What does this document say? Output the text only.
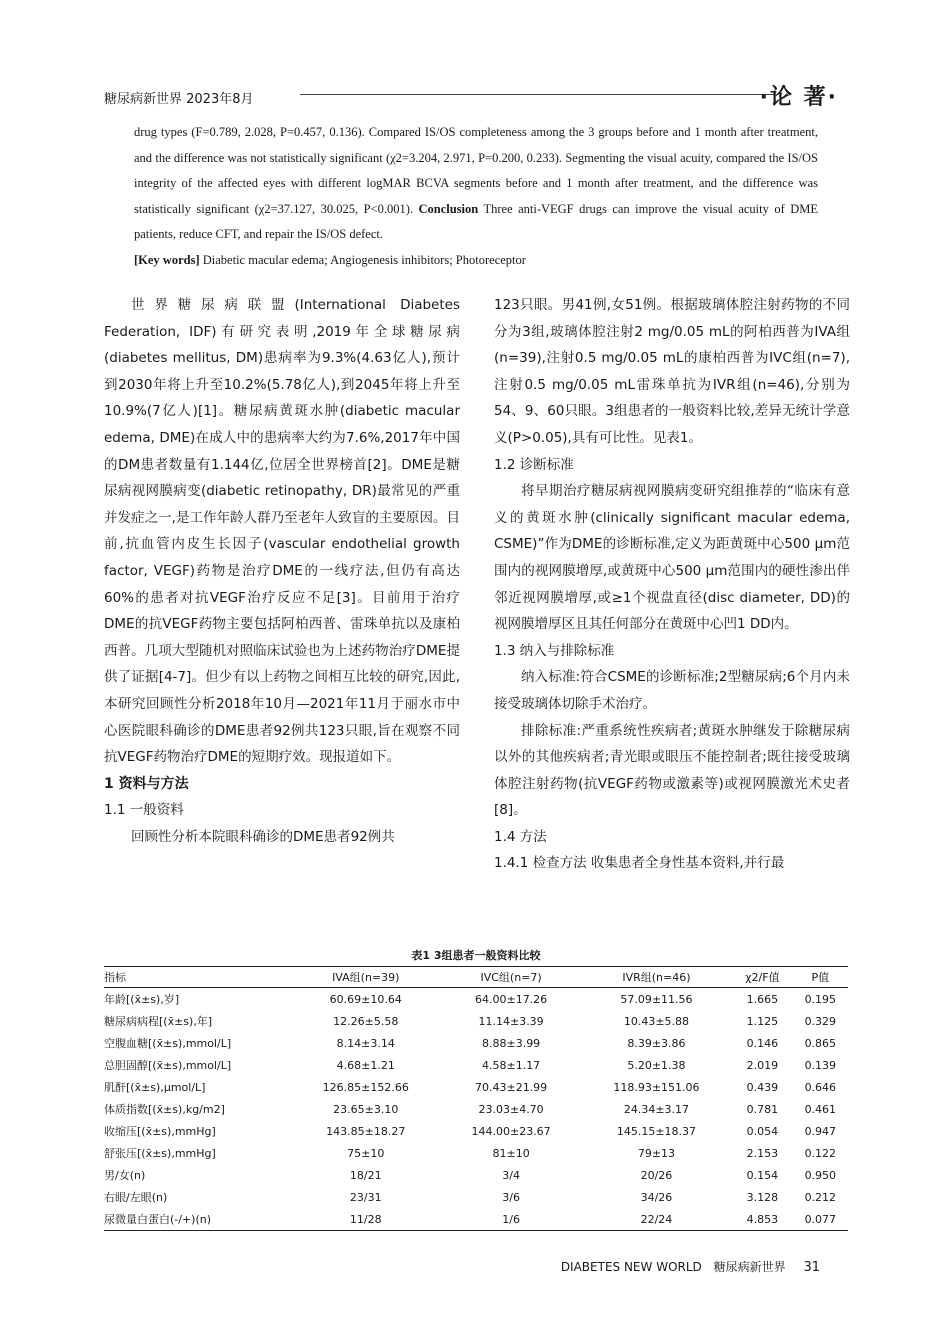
糖尿病新世界 2023年8月	·论 著·

drug types (F=0.789, 2.028, P=0.457, 0.136). Compared IS/OS completeness among the 3 groups before and 1 month after treatment, and the difference was not statistically significant (χ2=3.204, 2.971, P=0.200, 0.233). Segmenting the visual acuity, compared the IS/OS integrity of the affected eyes with different logMAR BCVA segments before and 1 month after treatment, and the difference was statistically significant (χ2=37.127, 30.025, P<0.001). Conclusion Three anti-VEGF drugs can improve the visual acuity of DME patients, reduce CFT, and repair the IS/OS defect.

[Key words] Diabetic macular edema; Angiogenesis inhibitors; Photoreceptor

世界糖尿病联盟(International Diabetes Federation, IDF)有研究表明,2019年全球糖尿病(diabetes mellitus, DM)患病率为9.3%(4.63亿人),预计到2030年将上升至10.2%(5.78亿人),到2045年将上升至10.9%(7亿人)[1]。糖尿病黄斑水肿(diabetic macular edema, DME)在成人中的患病率大约为7.6%,2017年中国的DM患者数量有1.144亿,位居全世界榜首[2]。DME是糖尿病视网膜病变(diabetic retinopathy, DR)最常见的严重并发症之一,是工作年龄人群乃至老年人致盲的主要原因。目前,抗血管内皮生长因子(vascular endothelial growth factor, VEGF)药物是治疗DME的一线疗法,但仍有高达60%的患者对抗VEGF治疗反应不足[3]。目前用于治疗DME的抗VEGF药物主要包括阿柏西普、雷珠单抗以及康柏西普。几项大型随机对照临床试验也为上述药物治疗DME提供了证据[4-7]。但少有以上药物之间相互比较的研究,因此,本研究回顾性分析2018年10月—2021年11月于丽水市中心医院眼科确诊的DME患者92例共123只眼,旨在观察不同抗VEGF药物治疗DME的短期疗效。现报道如下。

1 资料与方法
1.1 一般资料

回顾性分析本院眼科确诊的DME患者92例共

123只眼。男41例,女51例。根据玻璃体腔注射药物的不同分为3组,玻璃体腔注射2 mg/0.05 mL的阿柏西普为IVA组(n=39),注射0.5 mg/0.05 mL的康柏西普为IVC组(n=7),注射0.5 mg/0.05 mL雷珠单抗为IVR组(n=46),分别为54、9、60只眼。3组患者的一般资料比较,差异无统计学意义(P>0.05),具有可比性。见表1。

1.2 诊断标准

将早期治疗糖尿病视网膜病变研究组推荐的“临床有意义的黄斑水肿(clinically significant macular edema, CSME)”作为DME的诊断标准,定义为距黄斑中心500 μm范围内的视网膜增厚,或黄斑中心500 μm范围内的硬性渗出伴邻近视网膜增厚,或≥1个视盘直径(disc diameter, DD)的视网膜增厚区且其任何部分在黄斑中心凹1 DD内。

1.3 纳入与排除标准

纳入标准:符合CSME的诊断标准;2型糖尿病;6个月内未接受玻璃体切除手术治疗。

排除标准:严重系统性疾病者;黄斑水肿继发于除糖尿病以外的其他疾病者;青光眼或眼压不能控制者;既往接受玻璃体腔注射药物(抗VEGF药物或激素等)或视网膜激光术史者[8]。

1.4 方法

1.4.1 检查方法 收集患者全身性基本资料,并行最

表1 3组患者一般资料比较
指标	IVA组(n=39)	IVC组(n=7)	IVR组(n=46)	χ2/F值	P值
年龄[(x̄±s),岁]	60.69±10.64	64.00±17.26	57.09±11.56	1.665	0.195
糖尿病病程[(x̄±s),年]	12.26±5.58	11.14±3.39	10.43±5.88	1.125	0.329
空腹血糖[(x̄±s),mmol/L]	8.14±3.14	8.88±3.99	8.39±3.86	0.146	0.865
总胆固醇[(x̄±s),mmol/L]	4.68±1.21	4.58±1.17	5.20±1.38	2.019	0.139
肌酐[(x̄±s),μmol/L]	126.85±152.66	70.43±21.99	118.93±151.06	0.439	0.646
体质指数[(x̄±s),kg/m2]	23.65±3.10	23.03±4.70	24.34±3.17	0.781	0.461
收缩压[(x̄±s),mmHg]	143.85±18.27	144.00±23.67	145.15±18.37	0.054	0.947
舒张压[(x̄±s),mmHg]	75±10	81±10	79±13	2.153	0.122
男/女(n)	18/21	3/4	20/26	0.154	0.950
右眼/左眼(n)	23/31	3/6	34/26	3.128	0.212
尿微量白蛋白(-/+)(n)	11/28	1/6	22/24	4.853	0.077
DIABETES NEW WORLD 糖尿病新世界 31
